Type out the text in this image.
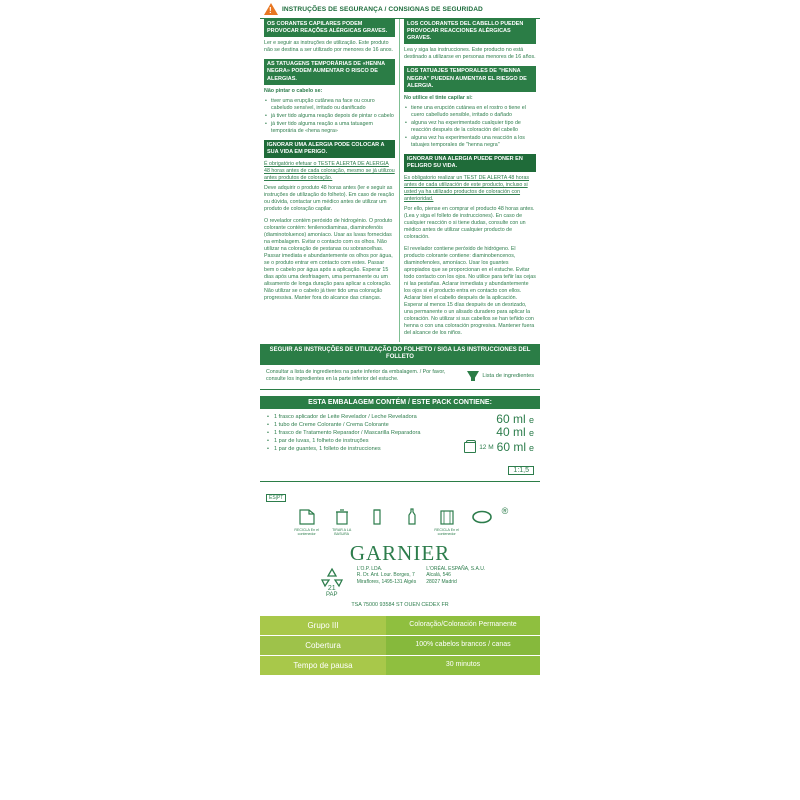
!
INSTRUÇÕES DE SEGURANÇA / CONSIGNAS DE SEGURIDAD
OS CORANTES CAPILARES PODEM PROVOCAR REAÇÕES ALÉRGICAS GRAVES.

Ler e seguir as instruções de utilização. Este produto não se destina a ser utilizado por menores de 16 anos.

AS TATUAGENS TEMPORÁRIAS DE «HENNA NEGRA» PODEM AUMENTAR O RISCO DE ALERGIAS.

Não pintar o cabelo se:

• tiver uma erupção cutânea na face ou couro cabeludo sensível, irritado ou danificado
• já tiver tido alguma reação depois de pintar o cabelo
• já tiver tido alguma reação a uma tatuagem temporária de «hena negra»
IGNORAR UMA ALERGIA PODE COLOCAR A SUA VIDA EM PERIGO.

É obrigatório efetuar o TESTE ALERTA DE ALERGIA 48 horas antes de cada coloração, mesmo se já utilizou antes produtos de coloração.

Deve adquirir o produto 48 horas antes (ler e seguir as instruções de utilização do folheto). Em caso de reação ou dúvida, contactar um médico antes de utilizar um produto de coloração capilar.

O revelador contém peróxido de hidrogénio. O produto colorante contém: fenilenodiaminas, diaminofenóis (diaminotoluenos) amoníaco. Usar as luvas fornecidas na embalagem. Evitar o contacto com os olhos. Não utilizar na coloração de pestanas ou sobrancelhas. Passar imediata e abundantemente os olhos por água, se o produto entrar em contacto com estes. Passar bem o cabelo por água após a aplicação. Esperar 15 dias após uma desfrisagem, uma permanente ou um alisamento de longa duração para aplicar a coloração. Não utilizar se o cabelo já tiver tido uma coloração progressiva. Manter fora do alcance das crianças.

LOS COLORANTES DEL CABELLO PUEDEN PROVOCAR REACCIONES ALÉRGICAS GRAVES.

Lea y siga las instrucciones. Este producto no está destinado a utilizarse en personas menores de 16 años.

LOS TATUAJES TEMPORALES DE "HENNA NEGRA" PUEDEN AUMENTAR EL RIESGO DE ALERGIA.

No utilice el tinte capilar si:

• tiene una erupción cutánea en el rostro o tiene el cuero cabelludo sensible, irritado o dañado
• alguna vez ha experimentado cualquier tipo de reacción después de la coloración del cabello
• alguna vez ha experimentado una reacción a los tatuajes temporales de "henna negra"
IGNORAR UNA ALERGIA PUEDE PONER EN PELIGRO SU VIDA.

Es obligatorio realizar un TEST DE ALERTA 48 horas antes de cada utilización de este producto, incluso si usted ya ha utilizado productos de coloración con anterioridad.

Por ello, piense en comprar el producto 48 horas antes. (Lea y siga el folleto de instrucciones). En caso de cualquier reacción o si tiene dudas, consulte con un médico antes de utilizar cualquier producto de coloración.

El revelador contiene peróxido de hidrógeno. El producto colorante contiene: diaminobencenos, diaminofenoles, amoníaco. Usar los guantes apropiados que se proporcionan en el estuche. Evitar todo contacto con los ojos. No utilice para teñir las cejas ni las pestañas. Aclarar inmediata y abundantemente los ojos si el producto entra en contacto con ellos. Aclarar bien el cabello después de la aplicación. Esperar al menos 15 días después de un desrizado, una permanente o un alisado duradero para aplicar la coloración. No utilizar si sus cabellos se han teñido con henna o con una coloración progresiva. Mantener fuera del alcance de los niños.

SEGUIR AS INSTRUÇÕES DE UTILIZAÇÃO DO FOLHETO / SIGA LAS INSTRUCCIONES DEL FOLLETO

Consultar a lista de ingredientes na parte inferior da embalagem. / Por favor, consulte los ingredientes en la parte inferior del estuche.	Lista de ingredientes
ESTA EMBALAGEM CONTÉM / ESTE PACK CONTIENE:
• 1 frasco aplicador de Leite Revelador / Leche Reveladora
• 1 tubo de Creme Colorante / Crema Colorante
• 1 frasco de Tratamento Reparador / Mascarilla Reparadora
• 1 par de luvas, 1 folheto de instruções
• 1 par de guantes, 1 folleto de instrucciones
60 ml e
40 ml e
12 M 60 ml e
1:1,5
ES|PT
RECICLA En el contenedor
TIRAR A LA BASURA
RECICLA En el contenedor
®
GARNIER
21
PAP
L'O.P. LDA.
R. Dr. Ant. Lour. Borges, 7
Miraflores, 1495-131 Algés
L'ORÉAL ESPAÑA, S.A.U.
Alcalá, 546
28027 Madrid
TSA 75000 93584 ST OUEN CEDEX FR
Grupo III	Coloração/Coloración Permanente
Cobertura	100% cabelos brancos / canas
Tempo de pausa	30 minutos
